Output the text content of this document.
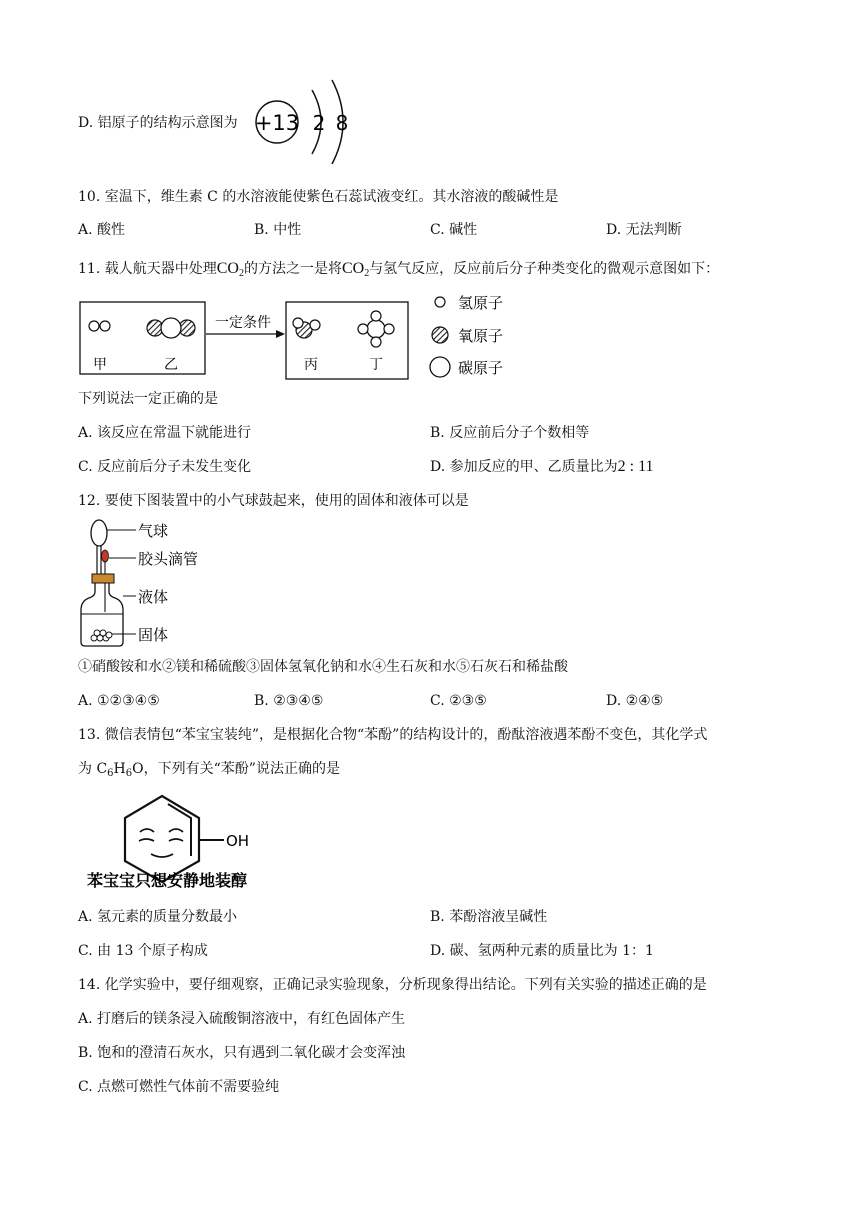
D. 铝原子的结构示意图为 +13 2 8
10. 室温下，维生素 C 的水溶液能使紫色石蕊试液变红。其水溶液的酸碱性是
A. 酸性	B. 中性	C. 碱性	D. 无法判断
11. 载人航天器中处理$CO_2$的方法之一是将$CO_2$与氢气反应，反应前后分子种类变化的微观示意图如下：
甲	乙
一定条件
丙	丁
氢原子
氧原子
碳原子
下列说法一定正确的是
A. 该反应在常温下就能进行	B. 反应前后分子个数相等
C. 反应前后分子未发生变化	D. 参加反应的甲、乙质量比为2 : 11
12. 要使下图装置中的小气球鼓起来，使用的固体和液体可以是
气球
胶头滴管
液体
固体
①硝酸铵和水②镁和稀硫酸③固体氢氧化钠和水④生石灰和水⑤石灰石和稀盐酸
A. ①②③④⑤	B. ②③④⑤	C. ②③⑤	D. ②④⑤
13. 微信表情包“苯宝宝装纯”，是根据化合物“苯酚”的结构设计的，酚酞溶液遇苯酚不变色，其化学式
为 $C_6H_6O$，下列有关“苯酚”说法正确的是
OH
苯宝宝只想安静地装醇
A. 氢元素的质量分数最小	B. 苯酚溶液呈碱性
C. 由 13 个原子构成	D. 碳、氢两种元素的质量比为 1：1
14. 化学实验中，要仔细观察，正确记录实验现象，分析现象得出结论。下列有关实验的描述正确的是
A. 打磨后的镁条浸入硫酸铜溶液中，有红色固体产生
B. 饱和的澄清石灰水，只有遇到二氧化碳才会变浑浊
C. 点燃可燃性气体前不需要验纯
